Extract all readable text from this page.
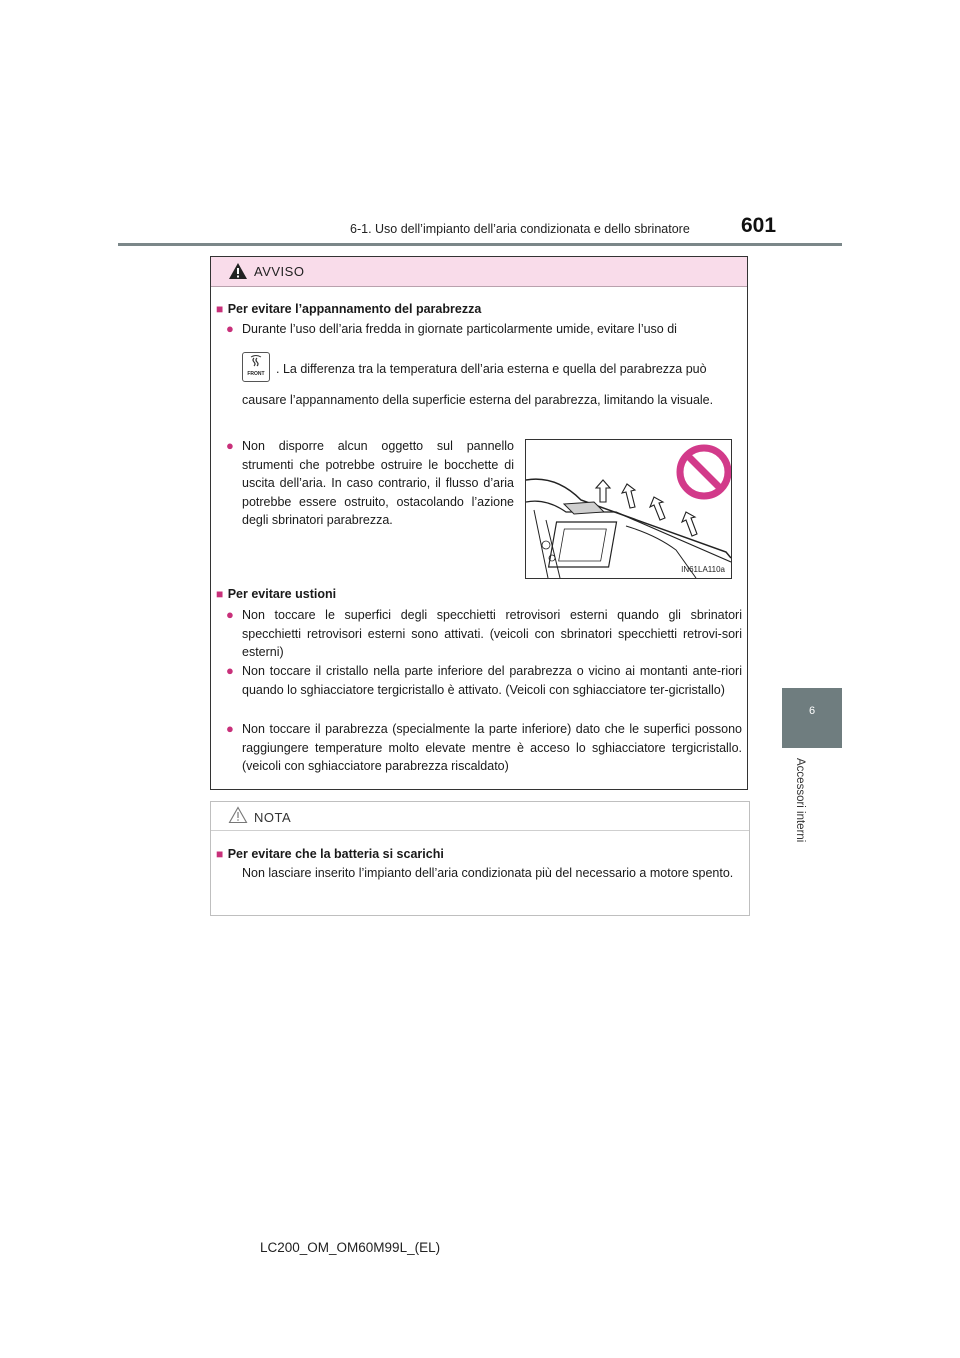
6-1. Uso dell’impianto dell’aria condizionata e dello sbrinatore 601
6
Accessori interni
AVVISO
■ Per evitare l’appannamento del parabrezza
● Durante l’uso dell’aria fredda in giornate particolarmente umide, evitare l’uso di
FRONT . La differenza tra la temperatura dell’aria esterna e quella del parabrezza può
causare l’appannamento della superficie esterna del parabrezza, limitando la visuale.
● Non disporre alcun oggetto sul pannello strumenti che potrebbe ostruire le bocchette di uscita dell’aria. In caso contrario, il flusso d’aria potrebbe essere ostruito, ostacolando l’azione degli sbrinatori parabrezza.
IN61LA110a
■ Per evitare ustioni
● Non toccare le superfici degli specchietti retrovisori esterni quando gli sbrinatori specchietti retrovisori esterni sono attivati. (veicoli con sbrinatori specchietti retrovi-sori esterni)
● Non toccare il cristallo nella parte inferiore del parabrezza o vicino ai montanti ante-riori quando lo sghiacciatore tergicristallo è attivato. (Veicoli con sghiacciatore ter-gicristallo)
● Non toccare il parabrezza (specialmente la parte inferiore) dato che le superfici possono raggiungere temperature molto elevate mentre è acceso lo sghiacciatore tergicristallo. (veicoli con sghiacciatore parabrezza riscaldato)
NOTA
■ Per evitare che la batteria si scarichi
Non lasciare inserito l’impianto dell’aria condizionata più del necessario a motore spento.
LC200_OM_OM60M99L_(EL)
